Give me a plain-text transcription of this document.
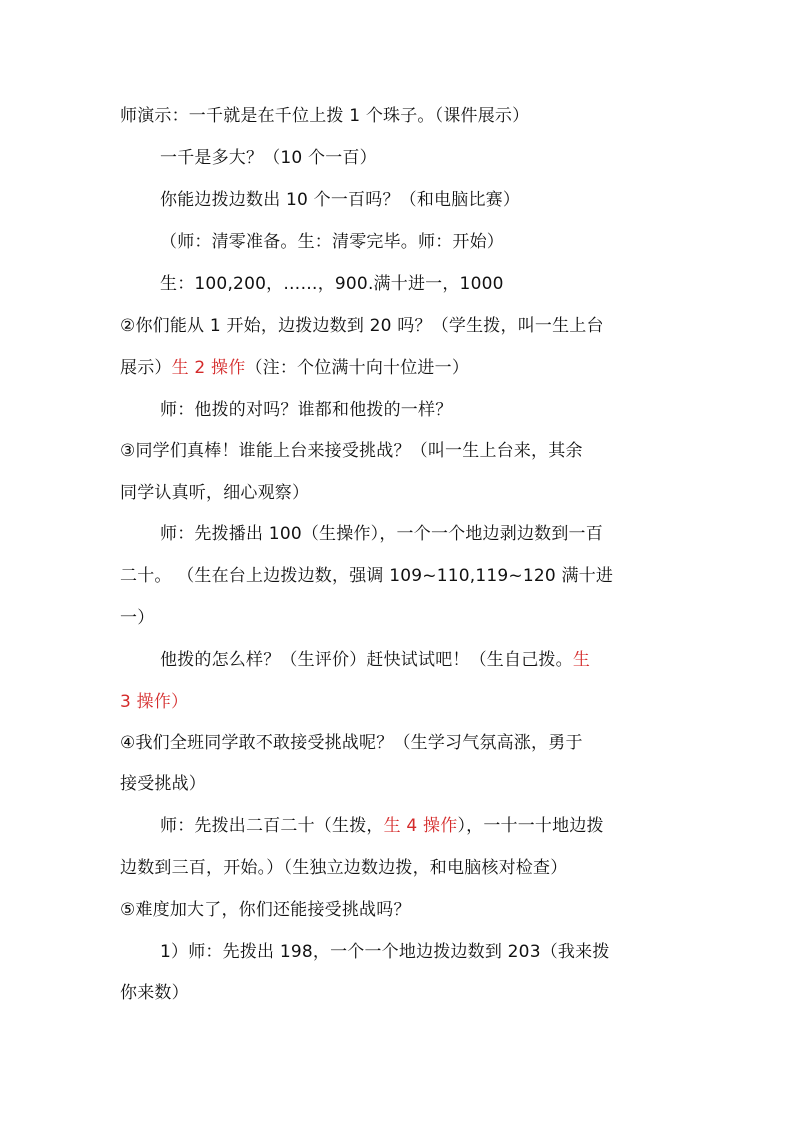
师演示：一千就是在千位上拨 1 个珠子。（课件展示）
一千是多大？（10 个一百）
你能边拨边数出 10 个一百吗？（和电脑比赛）
（师：清零准备。生：清零完毕。师：开始）
生：100,200，……，900.满十进一，1000
②你们能从 1 开始，边拨边数到 20 吗？（学生拨，叫一生上台
展示）生 2 操作（注：个位满十向十位进一）
师：他拨的对吗？谁都和他拨的一样？
③同学们真棒！谁能上台来接受挑战？（叫一生上台来，其余
同学认真听，细心观察）
师：先拨播出 100（生操作），一个一个地边剥边数到一百
二十。 （生在台上边拨边数，强调 109~110,119~120 满十进
一）
他拨的怎么样？（生评价）赶快试试吧！（生自己拨。生
3 操作）
④我们全班同学敢不敢接受挑战呢？（生学习气氛高涨，勇于
接受挑战）
师：先拨出二百二十（生拨，生 4 操作），一十一十地边拨
边数到三百，开始。）（生独立边数边拨，和电脑核对检查）
⑤难度加大了，你们还能接受挑战吗？
1）师：先拨出 198，一个一个地边拨边数到 203（我来拨
你来数）
